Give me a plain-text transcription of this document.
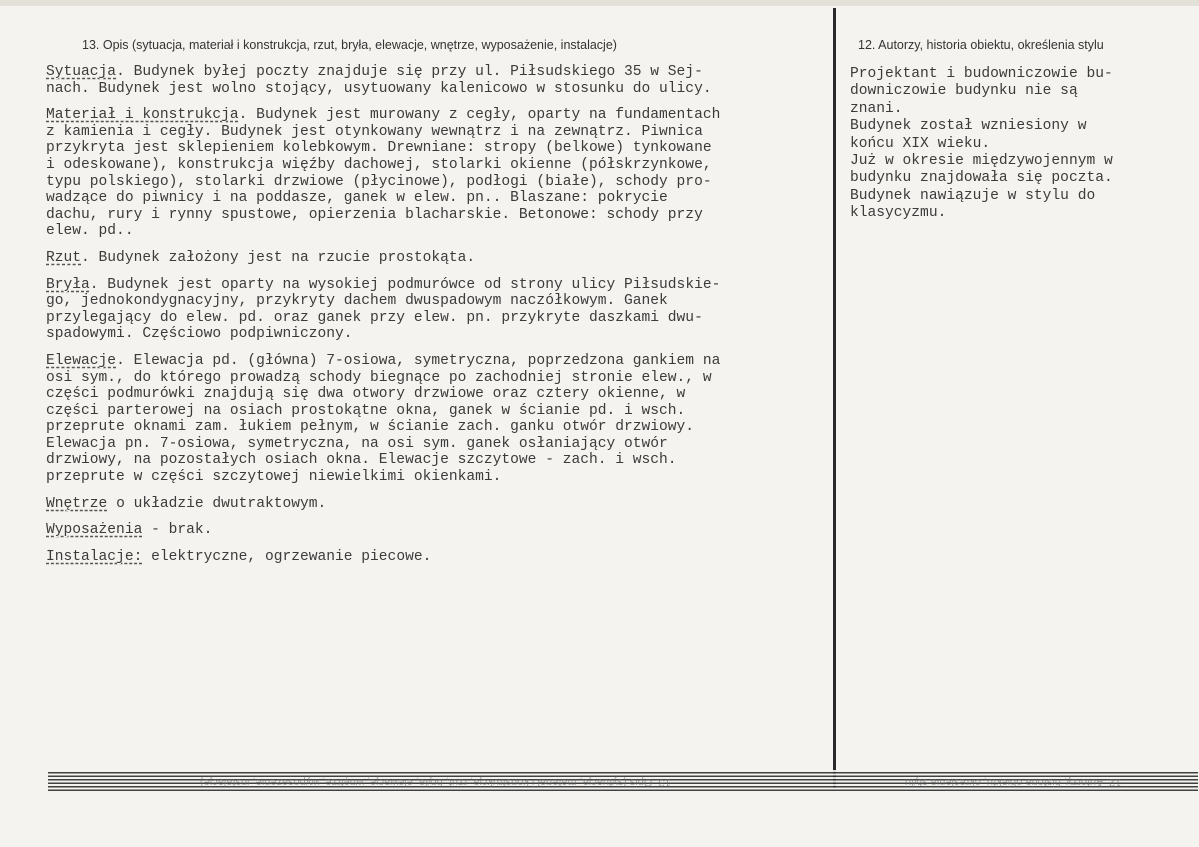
13. Opis (sytuacja, materiał i konstrukcja, rzut, bryła, elewacje, wnętrze, wyposażenie, instalacje)	12. Autorzy, historia obiektu, określenia stylu
Sytuacja. Budynek byłej poczty znajduje się przy ul. Piłsudskiego 35 w Sej-
nach. Budynek jest wolno stojący, usytuowany kalenicowo w stosunku do ulicy.
Materiał i konstrukcja. Budynek jest murowany z cegły, oparty na fundamentach
z kamienia i cegły. Budynek jest otynkowany wewnątrz i na zewnątrz. Piwnica
przykryta jest sklepieniem kolebkowym. Drewniane: stropy (belkowe) tynkowane
i odeskowane), konstrukcja więźby dachowej, stolarki okienne (półskrzynkowe,
typu polskiego), stolarki drzwiowe (płycinowe), podłogi (białe), schody pro-
wadzące do piwnicy i na poddasze, ganek w elew. pn.. Blaszane: pokrycie
dachu, rury i rynny spustowe, opierzenia blacharskie. Betonowe: schody przy
elew. pd..
Rzut. Budynek założony jest na rzucie prostokąta.
Bryła. Budynek jest oparty na wysokiej podmurówce od strony ulicy Piłsudskie-
go, jednokondygnacyjny, przykryty dachem dwuspadowym naczółkowym. Ganek
przylegający do elew. pd. oraz ganek przy elew. pn. przykryte daszkami dwu-
spadowymi. Częściowo podpiwniczony.
Elewacje. Elewacja pd. (główna) 7-osiowa, symetryczna, poprzedzona gankiem na
osi sym., do którego prowadzą schody biegnące po zachodniej stronie elew., w
części podmurówki znajdują się dwa otwory drzwiowe oraz cztery okienne, w
części parterowej na osiach prostokątne okna, ganek w ścianie pd. i wsch.
przeprute oknami zam. łukiem pełnym, w ścianie zach. ganku otwór drzwiowy.
Elewacja pn. 7-osiowa, symetryczna, na osi sym. ganek osłaniający otwór
drzwiowy, na pozostałych osiach okna. Elewacje szczytowe - zach. i wsch.
przeprute w części szczytowej niewielkimi okienkami.
Wnętrze o układzie dwutraktowym.
Wyposażenia - brak.
Instalacje: elektryczne, ogrzewanie piecowe.
Projektant i budowniczowie bu-
downiczowie budynku nie są
znani.
Budynek został wzniesiony w
końcu XIX wieku.
Już w okresie międzywojennym w
budynku znajdowała się poczta.
Budynek nawiązuje w stylu do
klasycyzmu.
13. Opis (sytuacja, materiał i konstrukcja, rzut, bryła, elewacje, wnętrze, wyposażenie, instalacje)	12. Autorzy, historia obiektu, określenia stylu
